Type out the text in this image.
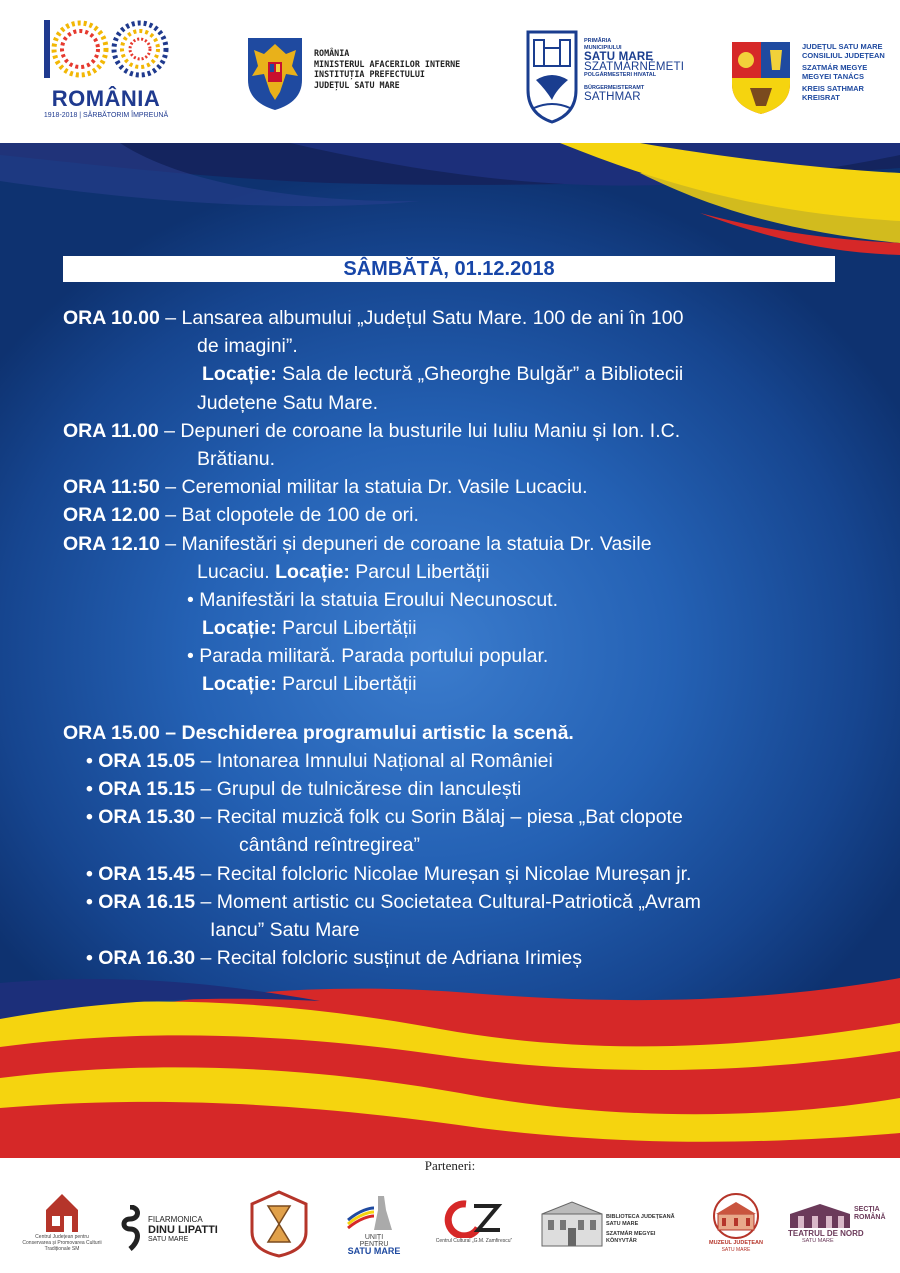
ROMÂNIA
1918-2018 | SĂRBĂTORIM ÎMPREUNĂ
ROMÂNIA
MINISTERUL AFACERILOR INTERNE
INSTITUȚIA PREFECTULUI
JUDEȚUL SATU MARE
PRIMĂRIA
MUNICIPIULUI
SATU MARE
SZATMÁRNÉMETI
POLGÁRMESTERI HIVATAL
BÜRGERMEISTERAMT
SATHMAR
JUDEȚUL SATU MARE
CONSILIUL JUDEȚEAN
SZATMÁR MEGYE
MEGYEI TANÁCS
KREIS SATHMAR
KREISRAT
SÂMBĂTĂ, 01.12.2018
ORA 10.00 – Lansarea albumului „Județul Satu Mare. 100 de ani în 100
de imagini”.
Locație: Sala de lectură „Gheorghe Bulgăr” a Bibliotecii
Județene Satu Mare.
ORA 11.00 – Depuneri de coroane la busturile lui Iuliu Maniu și Ion. I.C.
Brătianu.
ORA 11:50 – Ceremonial militar la statuia Dr. Vasile Lucaciu.
ORA 12.00 – Bat clopotele de 100 de ori.
ORA 12.10 – Manifestări și depuneri de coroane la statuia Dr. Vasile
Lucaciu. Locație: Parcul Libertății
• Manifestări la statuia Eroului Necunoscut.
Locație: Parcul Libertății
• Parada militară. Parada portului popular.
Locație: Parcul Libertății
ORA 15.00 – Deschiderea programului artistic la scenă.
• ORA 15.05 – Intonarea Imnului Național al României
• ORA 15.15 – Grupul de tulnicărese din Ianculești
• ORA 15.30 – Recital muzică folk cu Sorin Bălaj – piesa „Bat clopote
cântând reîntregirea”
• ORA 15.45 – Recital folcloric Nicolae Mureșan și Nicolae Mureșan jr.
• ORA 16.15 – Moment artistic cu Societatea Cultural-Patriotică „Avram
Iancu” Satu Mare
• ORA 16.30 – Recital folcloric susținut de Adriana Irimieș
Parteneri:
Centrul Județean pentru Conservarea și Promovarea Culturii Tradiționale SM
FILARMONICA
DINU LIPATTI
SATU MARE	UNIȚI
PENTRU
SATU MARE
Centrul Cultural „G.M. Zamfirescu”
BIBLIOTECA JUDEȚEANĂ
SATU MARE
SZATMÁR MEGYEI
KÖNYVTÁR	MUZEUL JUDEȚEAN
SATU MARE
TEATRUL DE NORD
SATU MARE
SECȚIA
ROMÂNĂ
